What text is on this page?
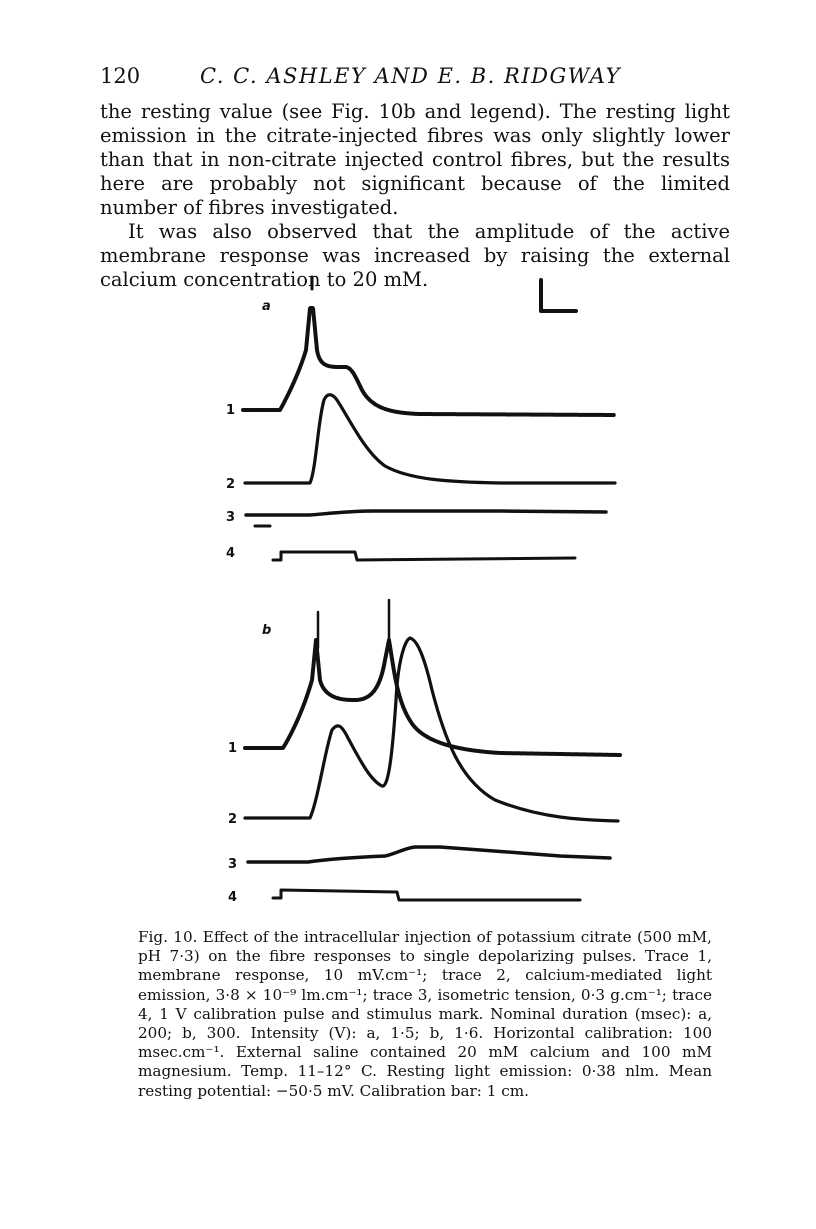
120	C. C. ASHLEY AND E. B. RIDGWAY

the resting value (see Fig. 10b and legend). The resting light emission in the citrate-injected fibres was only slightly lower than that in non-citrate injected control fibres, but the results here are probably not significant because of the limited number of fibres investigated.

It was also observed that the amplitude of the active membrane response was increased by raising the external calcium concentration to 20 mM.

a
1
2
3
4
b
1
2
3
4

Fig. 10. Effect of the intracellular injection of potassium citrate (500 mM, pH 7·3) on the fibre responses to single depolarizing pulses. Trace 1, membrane response, 10 mV.cm⁻¹; trace 2, calcium-mediated light emission, 3·8 × 10⁻⁹ lm.cm⁻¹; trace 3, isometric tension, 0·3 g.cm⁻¹; trace 4, 1 V calibration pulse and stimulus mark. Nominal duration (msec): a, 200; b, 300. Intensity (V): a, 1·5; b, 1·6. Horizontal calibration: 100 msec.cm⁻¹. External saline contained 20 mM calcium and 100 mM magnesium. Temp. 11–12° C. Resting light emission: 0·38 nlm. Mean resting potential: −50·5 mV. Calibration bar: 1 cm.
